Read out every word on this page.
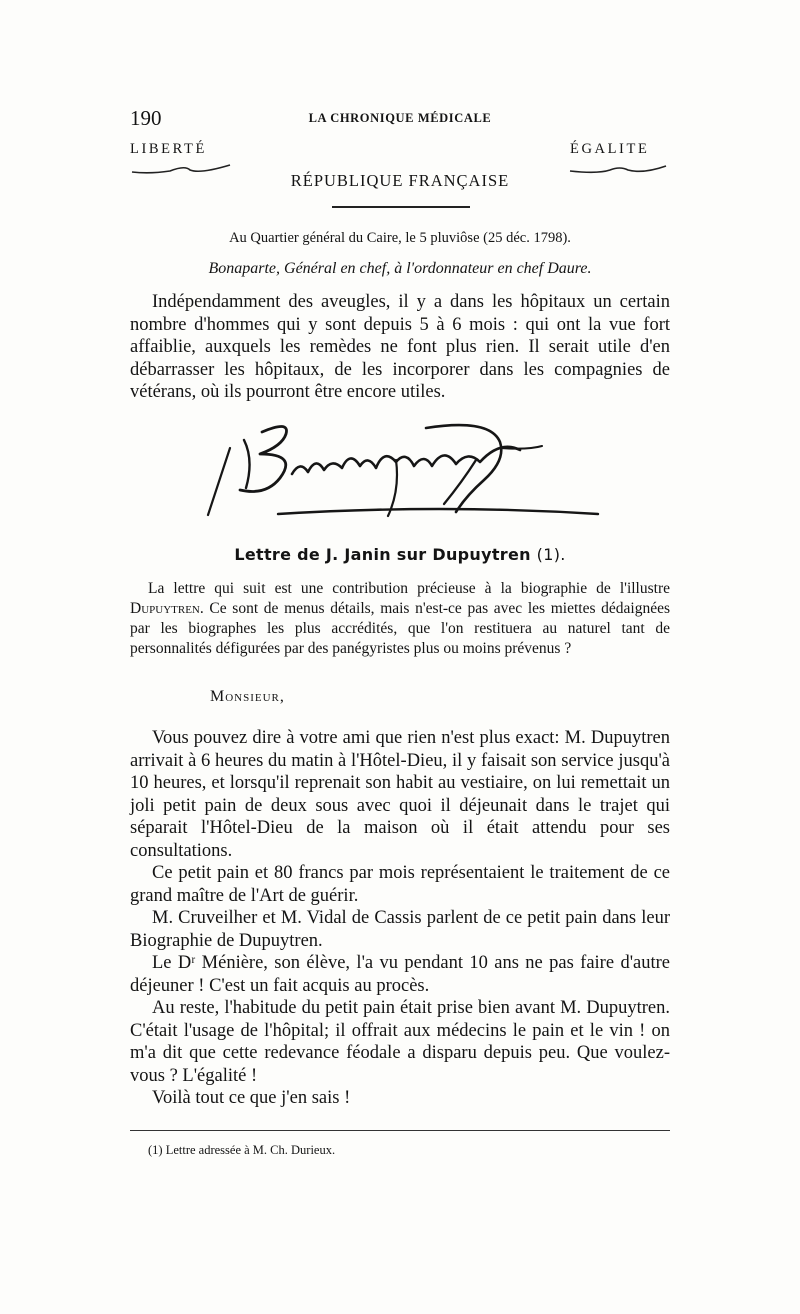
190	LA CHRONIQUE MÉDICALE
LIBERTÉ	ÉGALITE
RÉPUBLIQUE FRANÇAISE
Au Quartier général du Caire, le 5 pluviôse (25 déc. 1798).
Bonaparte, Général en chef, à l'ordonnateur en chef Daure.

Indépendamment des aveugles, il y a dans les hôpitaux un certain nombre d'hommes qui y sont depuis 5 à 6 mois : qui ont la vue fort affaiblie, auxquels les remèdes ne font plus rien. Il serait utile d'en débarrasser les hôpitaux, de les incorporer dans les compagnies de vétérans, où ils pourront être encore utiles.

Lettre de J. Janin sur Dupuytren (1).

La lettre qui suit est une contribution précieuse à la biographie de l'illustre Dupuytren. Ce sont de menus détails, mais n'est-ce pas avec les miettes dédaignées par les biographes les plus accrédités, que l'on restituera au naturel tant de personnalités défigurées par des panégyristes plus ou moins prévenus ?

Monsieur,

Vous pouvez dire à votre ami que rien n'est plus exact: M. Dupuytren arrivait à 6 heures du matin à l'Hôtel-Dieu, il y faisait son service jusqu'à 10 heures, et lorsqu'il reprenait son habit au vestiaire, on lui remettait un joli petit pain de deux sous avec quoi il déjeunait dans le trajet qui séparait l'Hôtel-Dieu de la maison où il était attendu pour ses consultations.

Ce petit pain et 80 francs par mois représentaient le traitement de ce grand maître de l'Art de guérir.

M. Cruveilher et M. Vidal de Cassis parlent de ce petit pain dans leur Biographie de Dupuytren.

Le Dʳ Ménière, son élève, l'a vu pendant 10 ans ne pas faire d'autre déjeuner ! C'est un fait acquis au procès.

Au reste, l'habitude du petit pain était prise bien avant M. Dupuytren. C'était l'usage de l'hôpital; il offrait aux médecins le pain et le vin ! on m'a dit que cette redevance féodale a disparu depuis peu. Que voulez-vous ? L'égalité !

Voilà tout ce que j'en sais !

(1) Lettre adressée à M. Ch. Durieux.
